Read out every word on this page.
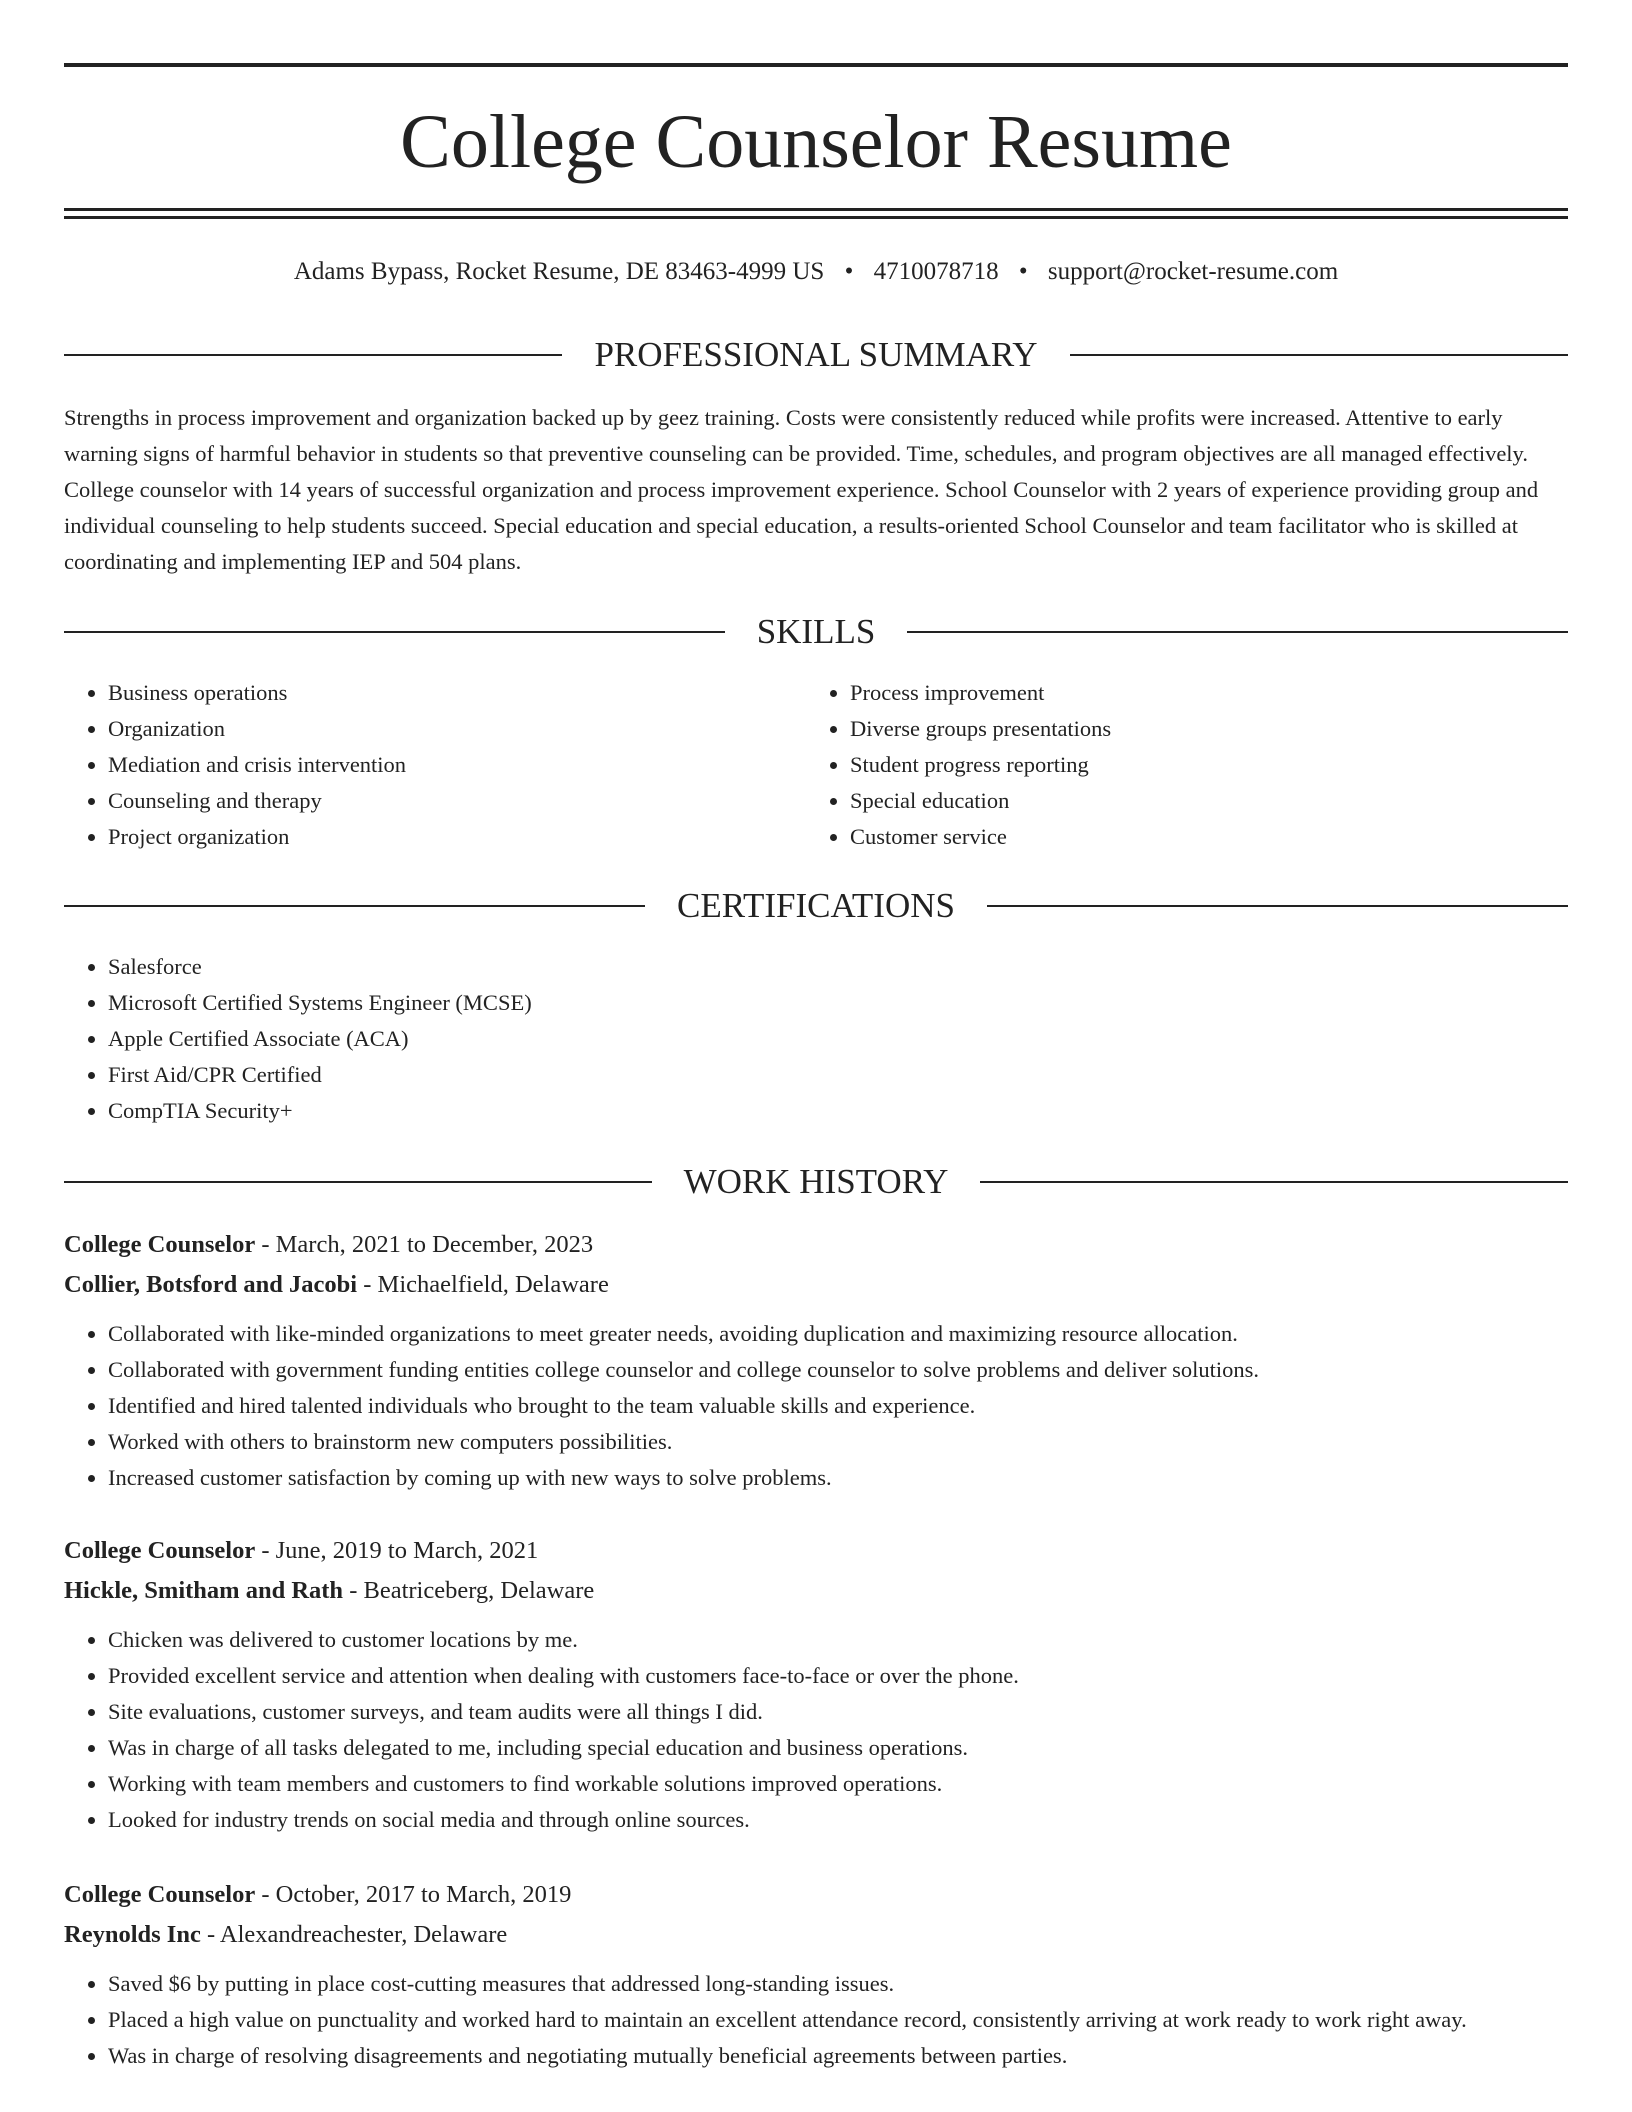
College Counselor Resume
Adams Bypass, Rocket Resume, DE 83463-4999 US • 4710078718 • support@rocket-resume.com
PROFESSIONAL SUMMARY

Strengths in process improvement and organization backed up by geez training. Costs were consistently reduced while profits were increased. Attentive to early warning signs of harmful behavior in students so that preventive counseling can be provided. Time, schedules, and program objectives are all managed effectively. College counselor with 14 years of successful organization and process improvement experience. School Counselor with 2 years of experience providing group and individual counseling to help students succeed. Special education and special education, a results-oriented School Counselor and team facilitator who is skilled at coordinating and implementing IEP and 504 plans.

SKILLS
• Business operations
• Organization
• Mediation and crisis intervention
• Counseling and therapy
• Project organization
• Process improvement
• Diverse groups presentations
• Student progress reporting
• Special education
• Customer service
CERTIFICATIONS
• Salesforce
• Microsoft Certified Systems Engineer (MCSE)
• Apple Certified Associate (ACA)
• First Aid/CPR Certified
• CompTIA Security+
WORK HISTORY
College Counselor - March, 2021 to December, 2023
Collier, Botsford and Jacobi - Michaelfield, Delaware
• Collaborated with like-minded organizations to meet greater needs, avoiding duplication and maximizing resource allocation.
• Collaborated with government funding entities college counselor and college counselor to solve problems and deliver solutions.
• Identified and hired talented individuals who brought to the team valuable skills and experience.
• Worked with others to brainstorm new computers possibilities.
• Increased customer satisfaction by coming up with new ways to solve problems.
College Counselor - June, 2019 to March, 2021
Hickle, Smitham and Rath - Beatriceberg, Delaware
• Chicken was delivered to customer locations by me.
• Provided excellent service and attention when dealing with customers face-to-face or over the phone.
• Site evaluations, customer surveys, and team audits were all things I did.
• Was in charge of all tasks delegated to me, including special education and business operations.
• Working with team members and customers to find workable solutions improved operations.
• Looked for industry trends on social media and through online sources.
College Counselor - October, 2017 to March, 2019
Reynolds Inc - Alexandreachester, Delaware
• Saved $6 by putting in place cost-cutting measures that addressed long-standing issues.
• Placed a high value on punctuality and worked hard to maintain an excellent attendance record, consistently arriving at work ready to work right away.
• Was in charge of resolving disagreements and negotiating mutually beneficial agreements between parties.
